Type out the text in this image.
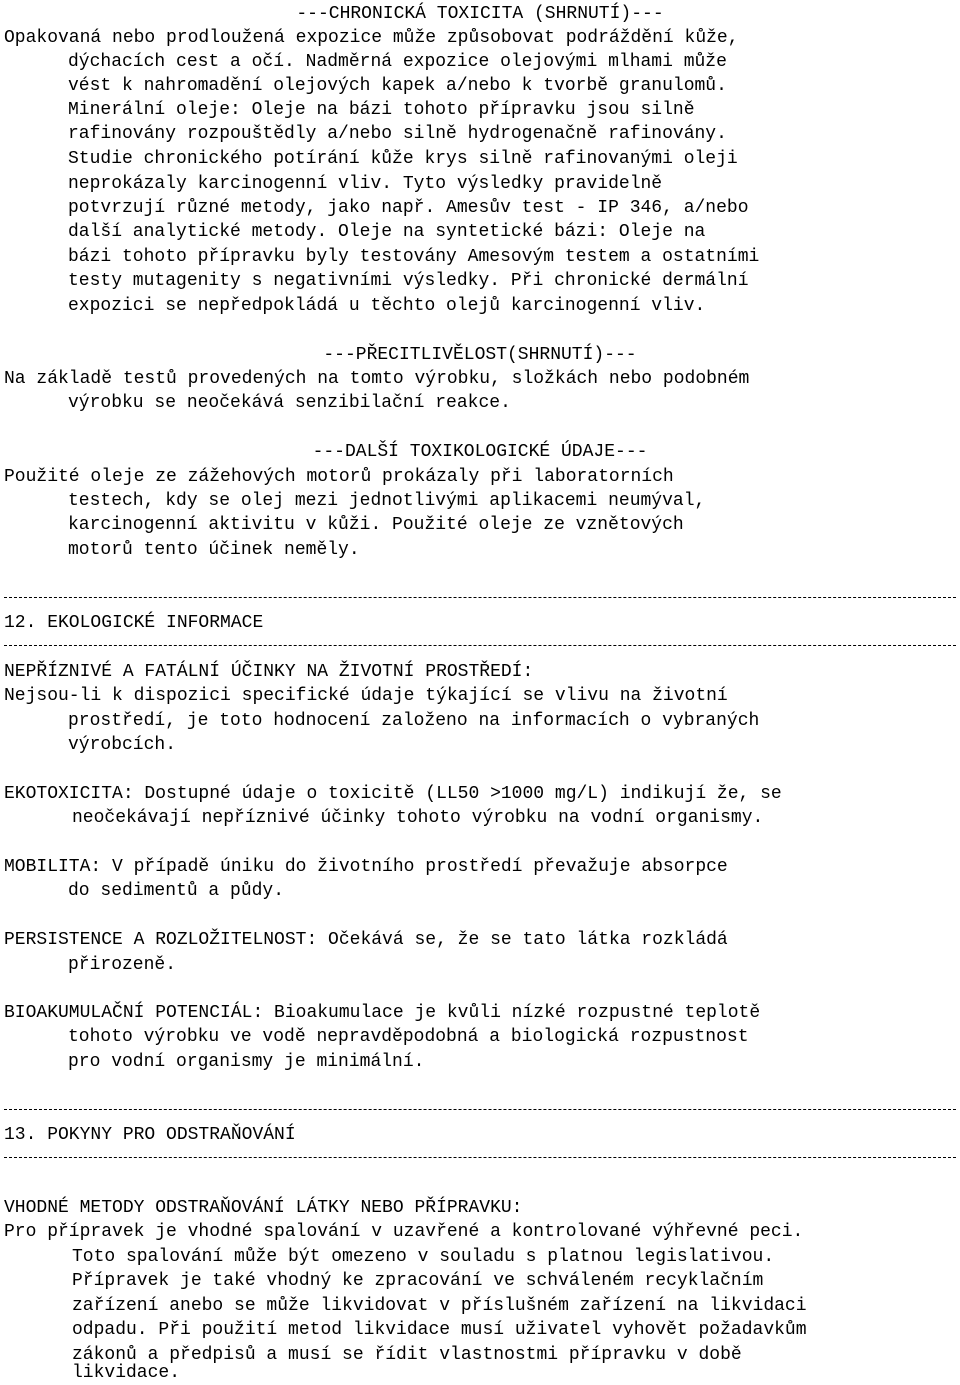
---CHRONICKÁ TOXICITA (SHRNUTÍ)---
Opakovaná nebo prodloužená expozice může způsobovat podráždění kůže,
dýchacích cest a očí. Nadměrná expozice olejovými mlhami může
vést k nahromadění olejových kapek a/nebo k tvorbě granulomů.
Minerální oleje: Oleje na bázi tohoto přípravku jsou silně
rafinovány rozpouštědly a/nebo silně hydrogenačně rafinovány.
Studie chronického potírání kůže krys silně rafinovanými oleji
neprokázaly karcinogenní vliv. Tyto výsledky pravidelně
potvrzují různé metody, jako např. Amesův test - IP 346, a/nebo
další analytické metody. Oleje na syntetické bázi: Oleje na
bázi tohoto přípravku byly testovány Amesovým testem a ostatními
testy mutagenity s negativními výsledky. Při chronické dermální
expozici se nepředpokládá u těchto olejů karcinogenní vliv.
---PŘECITLIVĚLOST(SHRNUTÍ)---
Na základě testů provedených na tomto výrobku, složkách nebo podobném
výrobku se neočekává senzibilační reakce.
---DALŠÍ TOXIKOLOGICKÉ ÚDAJE---
Použité oleje ze zážehových motorů prokázaly při laboratorních
testech, kdy se olej mezi jednotlivými aplikacemi neumýval,
karcinogenní aktivitu v kůži. Použité oleje ze vznětových
motorů tento účinek neměly.
12. EKOLOGICKÉ INFORMACE
NEPŘÍZNIVÉ A FATÁLNÍ ÚČINKY NA ŽIVOTNÍ PROSTŘEDÍ:
Nejsou-li k dispozici specifické údaje týkající se vlivu na životní
prostředí, je toto hodnocení založeno na informacích o vybraných
výrobcích.
EKOTOXICITA: Dostupné údaje o toxicitě (LL50 >1000 mg/L) indikují že, se
neočekávají nepříznivé účinky tohoto výrobku na vodní organismy.
MOBILITA: V případě úniku do životního prostředí převažuje absorpce
do sedimentů a půdy.
PERSISTENCE A ROZLOŽITELNOST: Očekává se, že se tato látka rozkládá
přirozeně.
BIOAKUMULAČNÍ POTENCIÁL: Bioakumulace je kvůli nízké rozpustné teplotě
tohoto výrobku ve vodě nepravděpodobná a biologická rozpustnost
pro vodní organismy je minimální.
13. POKYNY PRO ODSTRAŇOVÁNÍ
VHODNÉ METODY ODSTRAŇOVÁNÍ LÁTKY NEBO PŘÍPRAVKU:
Pro přípravek je vhodné spalování v uzavřené a kontrolované výhřevné peci.
Toto spalování může být omezeno v souladu s platnou legislativou.
Přípravek je také vhodný ke zpracování ve schváleném recyklačním
zařízení anebo se může likvidovat v příslušném zařízení na likvidaci
odpadu. Při použití metod likvidace musí uživatel vyhovět požadavkům
zákonů a předpisů a musí se řídit vlastnostmi přípravku v době
likvidace.
